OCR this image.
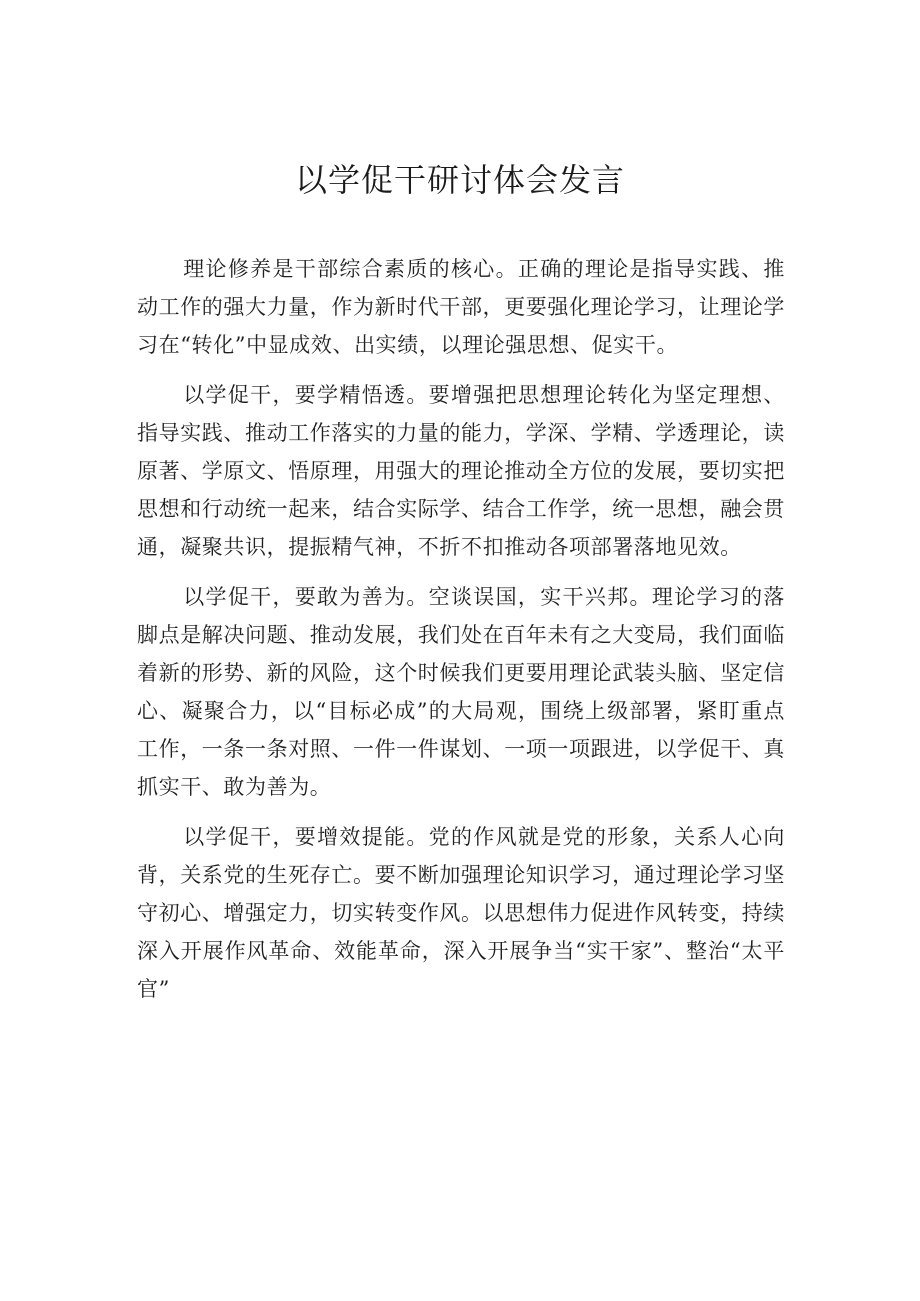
以学促干研讨体会发言

理论修养是干部综合素质的核心。正确的理论是指导实践、推动工作的强大力量，作为新时代干部，更要强化理论学习，让理论学习在“转化”中显成效、出实绩，以理论强思想、促实干。

以学促干，要学精悟透。要增强把思想理论转化为坚定理想、指导实践、推动工作落实的力量的能力，学深、学精、学透理论，读原著、学原文、悟原理，用强大的理论推动全方位的发展，要切实把思想和行动统一起来，结合实际学、结合工作学，统一思想，融会贯通，凝聚共识，提振精气神，不折不扣推动各项部署落地见效。

以学促干，要敢为善为。空谈误国，实干兴邦。理论学习的落脚点是解决问题、推动发展，我们处在百年未有之大变局，我们面临着新的形势、新的风险，这个时候我们更要用理论武装头脑、坚定信心、凝聚合力，以“目标必成”的大局观，围绕上级部署，紧盯重点工作，一条一条对照、一件一件谋划、一项一项跟进，以学促干、真抓实干、敢为善为。

以学促干，要增效提能。党的作风就是党的形象，关系人心向背，关系党的生死存亡。要不断加强理论知识学习，通过理论学习坚守初心、增强定力，切实转变作风。以思想伟力促进作风转变，持续深入开展作风革命、效能革命，深入开展争当“实干家”、整治“太平官”
